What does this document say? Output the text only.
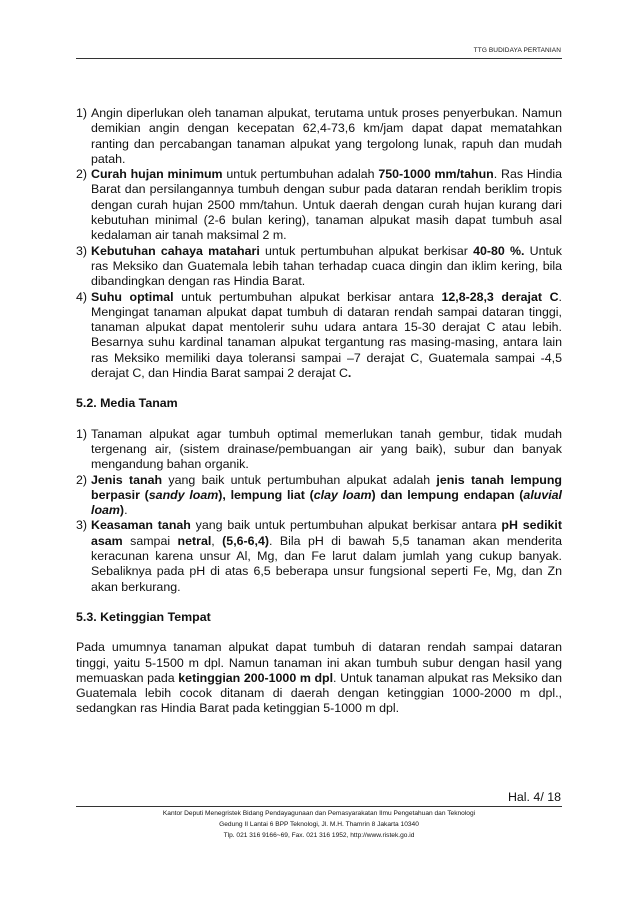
TTG BUDIDAYA PERTANIAN
1) Angin diperlukan oleh tanaman alpukat, terutama untuk proses penyerbukan. Namun demikian angin dengan kecepatan 62,4-73,6 km/jam dapat dapat mematahkan ranting dan percabangan tanaman alpukat yang tergolong lunak, rapuh dan mudah patah.
2) Curah hujan minimum untuk pertumbuhan adalah 750-1000 mm/tahun. Ras Hindia Barat dan persilangannya tumbuh dengan subur pada dataran rendah beriklim tropis dengan curah hujan 2500 mm/tahun. Untuk daerah dengan curah hujan kurang dari kebutuhan minimal (2-6 bulan kering), tanaman alpukat masih dapat tumbuh asal kedalaman air tanah maksimal 2 m.
3) Kebutuhan cahaya matahari untuk pertumbuhan alpukat berkisar 40-80 %. Untuk ras Meksiko dan Guatemala lebih tahan terhadap cuaca dingin dan iklim kering, bila dibandingkan dengan ras Hindia Barat.
4) Suhu optimal untuk pertumbuhan alpukat berkisar antara 12,8-28,3 derajat C. Mengingat tanaman alpukat dapat tumbuh di dataran rendah sampai dataran tinggi, tanaman alpukat dapat mentolerir suhu udara antara 15-30 derajat C atau lebih. Besarnya suhu kardinal tanaman alpukat tergantung ras masing-masing, antara lain ras Meksiko memiliki daya toleransi sampai –7 derajat C, Guatemala sampai -4,5 derajat C, dan Hindia Barat sampai 2 derajat C.
5.2. Media Tanam
1) Tanaman alpukat agar tumbuh optimal memerlukan tanah gembur, tidak mudah tergenang air, (sistem drainase/pembuangan air yang baik), subur dan banyak mengandung bahan organik.
2) Jenis tanah yang baik untuk pertumbuhan alpukat adalah jenis tanah lempung berpasir (sandy loam), lempung liat (clay loam) dan lempung endapan (aluvial loam).
3) Keasaman tanah yang baik untuk pertumbuhan alpukat berkisar antara pH sedikit asam sampai netral, (5,6-6,4). Bila pH di bawah 5,5 tanaman akan menderita keracunan karena unsur Al, Mg, dan Fe larut dalam jumlah yang cukup banyak. Sebaliknya pada pH di atas 6,5 beberapa unsur fungsional seperti Fe, Mg, dan Zn akan berkurang.
5.3. Ketinggian Tempat

Pada umumnya tanaman alpukat dapat tumbuh di dataran rendah sampai dataran tinggi, yaitu 5-1500 m dpl. Namun tanaman ini akan tumbuh subur dengan hasil yang memuaskan pada ketinggian 200-1000 m dpl. Untuk tanaman alpukat ras Meksiko dan Guatemala lebih cocok ditanam di daerah dengan ketinggian 1000-2000 m dpl., sedangkan ras Hindia Barat pada ketinggian 5-1000 m dpl.

Hal. 4/ 18
Kantor Deputi Menegristek Bidang Pendayagunaan dan Pemasyarakatan Ilmu Pengetahuan dan Teknologi
Gedung II Lantai 6 BPP Teknologi, Jl. M.H. Thamrin 8 Jakarta 10340
Tlp. 021 316 9166~69, Fax. 021 316 1952, http://www.ristek.go.id
